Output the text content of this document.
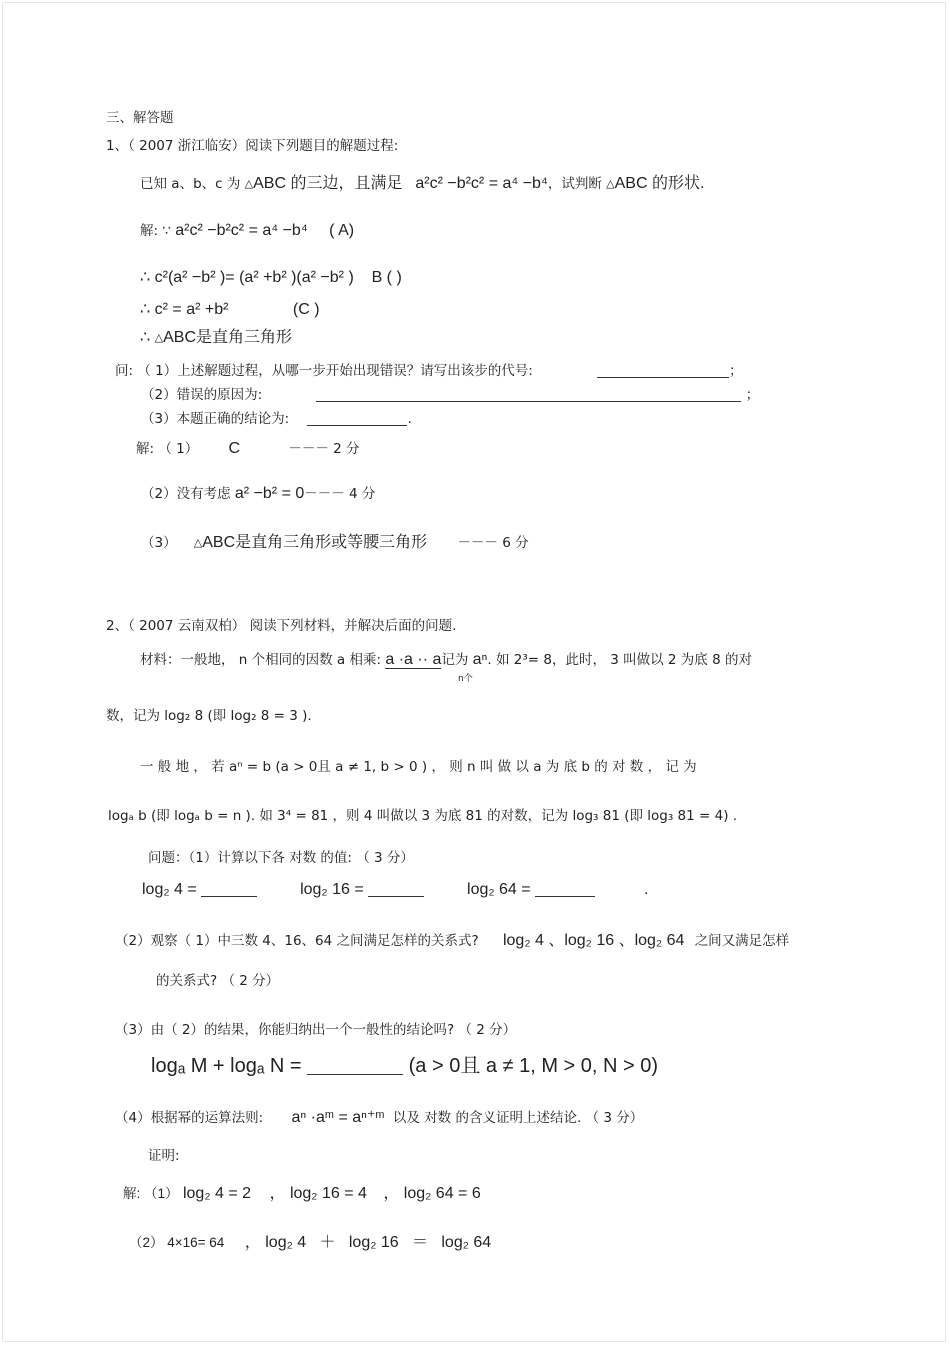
三、解答题
1、（ 2007 浙江临安）阅读下列题目的解题过程:
已知 a、b、c 为 △ABC 的三边，且满足 a²c² −b²c² = a⁴ −b⁴，试判断 △ABC 的形状.
解: ∵ a²c² −b²c² = a⁴ −b⁴ ( A)
∴ c²(a² −b² )= (a² +b² )(a² −b² ) B ( )
∴ c² = a² +b²	(C )
∴ △ABC是直角三角形
问: （ 1）上述解题过程，从哪一步开始出现错误？请写出该步的代号:	；
（2）错误的原因为:	；
（3）本题正确的结论为:	.
解: （ 1） C	－－－ 2 分
（2）没有考虑 a² −b² = 0－－－ 4 分
（3） △ABC是直角三角形或等腰三角形 －－－ 6 分
2、（ 2007 云南双柏） 阅读下列材料，并解决后面的问题.
材料：一般地， n 个相同的因数 a 相乘: a ·a ·· a记为 aⁿ. 如 2³= 8，此时， 3 叫做以 2 为底 8 的对
n个
数，记为 log₂ 8 (即 log₂ 8 = 3 ).
一 般 地 ， 若 aⁿ = b (a > 0且 a ≠ 1, b > 0 ) ， 则 n 叫 做 以 a 为 底 b 的 对 数 ， 记 为
logₐ b (即 logₐ b = n ). 如 3⁴ = 81 ，则 4 叫做以 3 为底 81 的对数，记为 log₃ 81 (即 log₃ 81 = 4) .
问题：（1）计算以下各 对数 的值: （ 3 分）
log₂ 4 =	log₂ 16 =	log₂ 64 =	.
（2）观察（ 1）中三数 4、16、64 之间满足怎样的关系式? log₂ 4 、log₂ 16 、log₂ 64 之间又满足怎样
的关系式? （ 2 分）
（3）由（ 2）的结果，你能归纳出一个一般性的结论吗? （ 2 分）
logₐ M + logₐ N =	(a > 0且 a ≠ 1, M > 0, N > 0)
（4）根据幂的运算法则: aⁿ ·aᵐ = aⁿ⁺ᵐ 以及 对数 的含义证明上述结论. （ 3 分）
证明:
解: （1） log₂ 4 = 2 ， log₂ 16 = 4 ， log₂ 64 = 6
（2） 4×16= 64 ， log₂ 4 ＋ log₂ 16 ＝ log₂ 64
